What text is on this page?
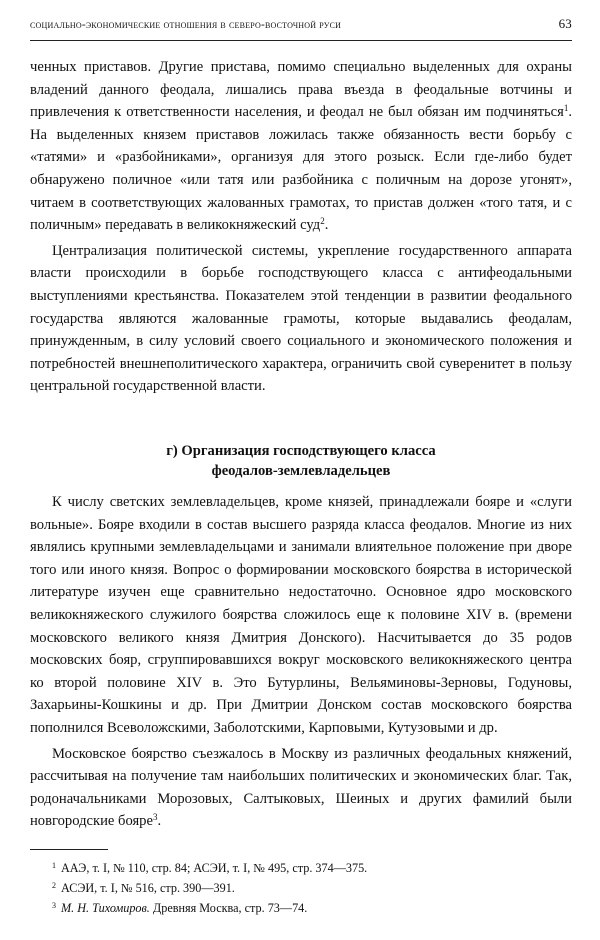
социально-экономические отношения в северо-восточной руси	63

ченных приставов. Другие пристава, помимо специально выделенных для охраны владений данного феодала, лишались права въезда в феодальные вотчины и привлечения к ответственности населения, и феодал не был обязан им подчиняться$^1$. На выделенных князем приставов ложилась также обязанность вести борьбу с «татями» и «разбойниками», организуя для этого розыск. Если где-либо будет обнаружено поличное «или татя или разбойника с поличным на дорозе угонят», читаем в соответствующих жалованных грамотах, то пристав должен «того татя, и с поличным» передавать в великокняжеский суд$^2$.

Централизация политической системы, укрепление государственного аппарата власти происходили в борьбе господствующего класса с антифеодальными выступлениями крестьянства. Показателем этой тенденции в развитии феодального государства являются жалованные грамоты, которые выдавались феодалам, принужденным, в силу условий своего социального и экономического положения и потребностей внешнеполитического характера, ограничить свой суверенитет в пользу центральной государственной власти.

г) Организация господствующего класса
феодалов-землевладельцев

К числу светских землевладельцев, кроме князей, принадлежали бояре и «слуги вольные». Бояре входили в состав высшего разряда класса феодалов. Многие из них являлись крупными землевладельцами и занимали влиятельное положение при дворе того или иного князя. Вопрос о формировании московского боярства в исторической литературе изучен еще сравнительно недостаточно. Основное ядро московского великокняжеского служилого боярства сложилось еще к половине XIV в. (времени московского великого князя Дмитрия Донского). Насчитывается до 35 родов московских бояр, сгруппировавшихся вокруг московского великокняжеского центра ко второй половине XIV в. Это Бутурлины, Вельяминовы-Зерновы, Годуновы, Захарьины-Кошкины и др. При Дмитрии Донском состав московского боярства пополнился Всеволожскими, Заболотскими, Карповыми, Кутузовыми и др.

Московское боярство съезжалось в Москву из различных феодальных княжений, рассчитывая на получение там наибольших политических и экономических благ. Так, родоначальниками Морозовых, Салтыковых, Шеиных и других фамилий были новгородские бояре$^3$.

$^1$ ААЭ, т. I, № 110, стр. 84; АСЭИ, т. I, № 495, стр. 374—375.
$^2$ АСЭИ, т. I, № 516, стр. 390—391.
$^3$ М. Н. Тихомиров. Древняя Москва, стр. 73—74.
